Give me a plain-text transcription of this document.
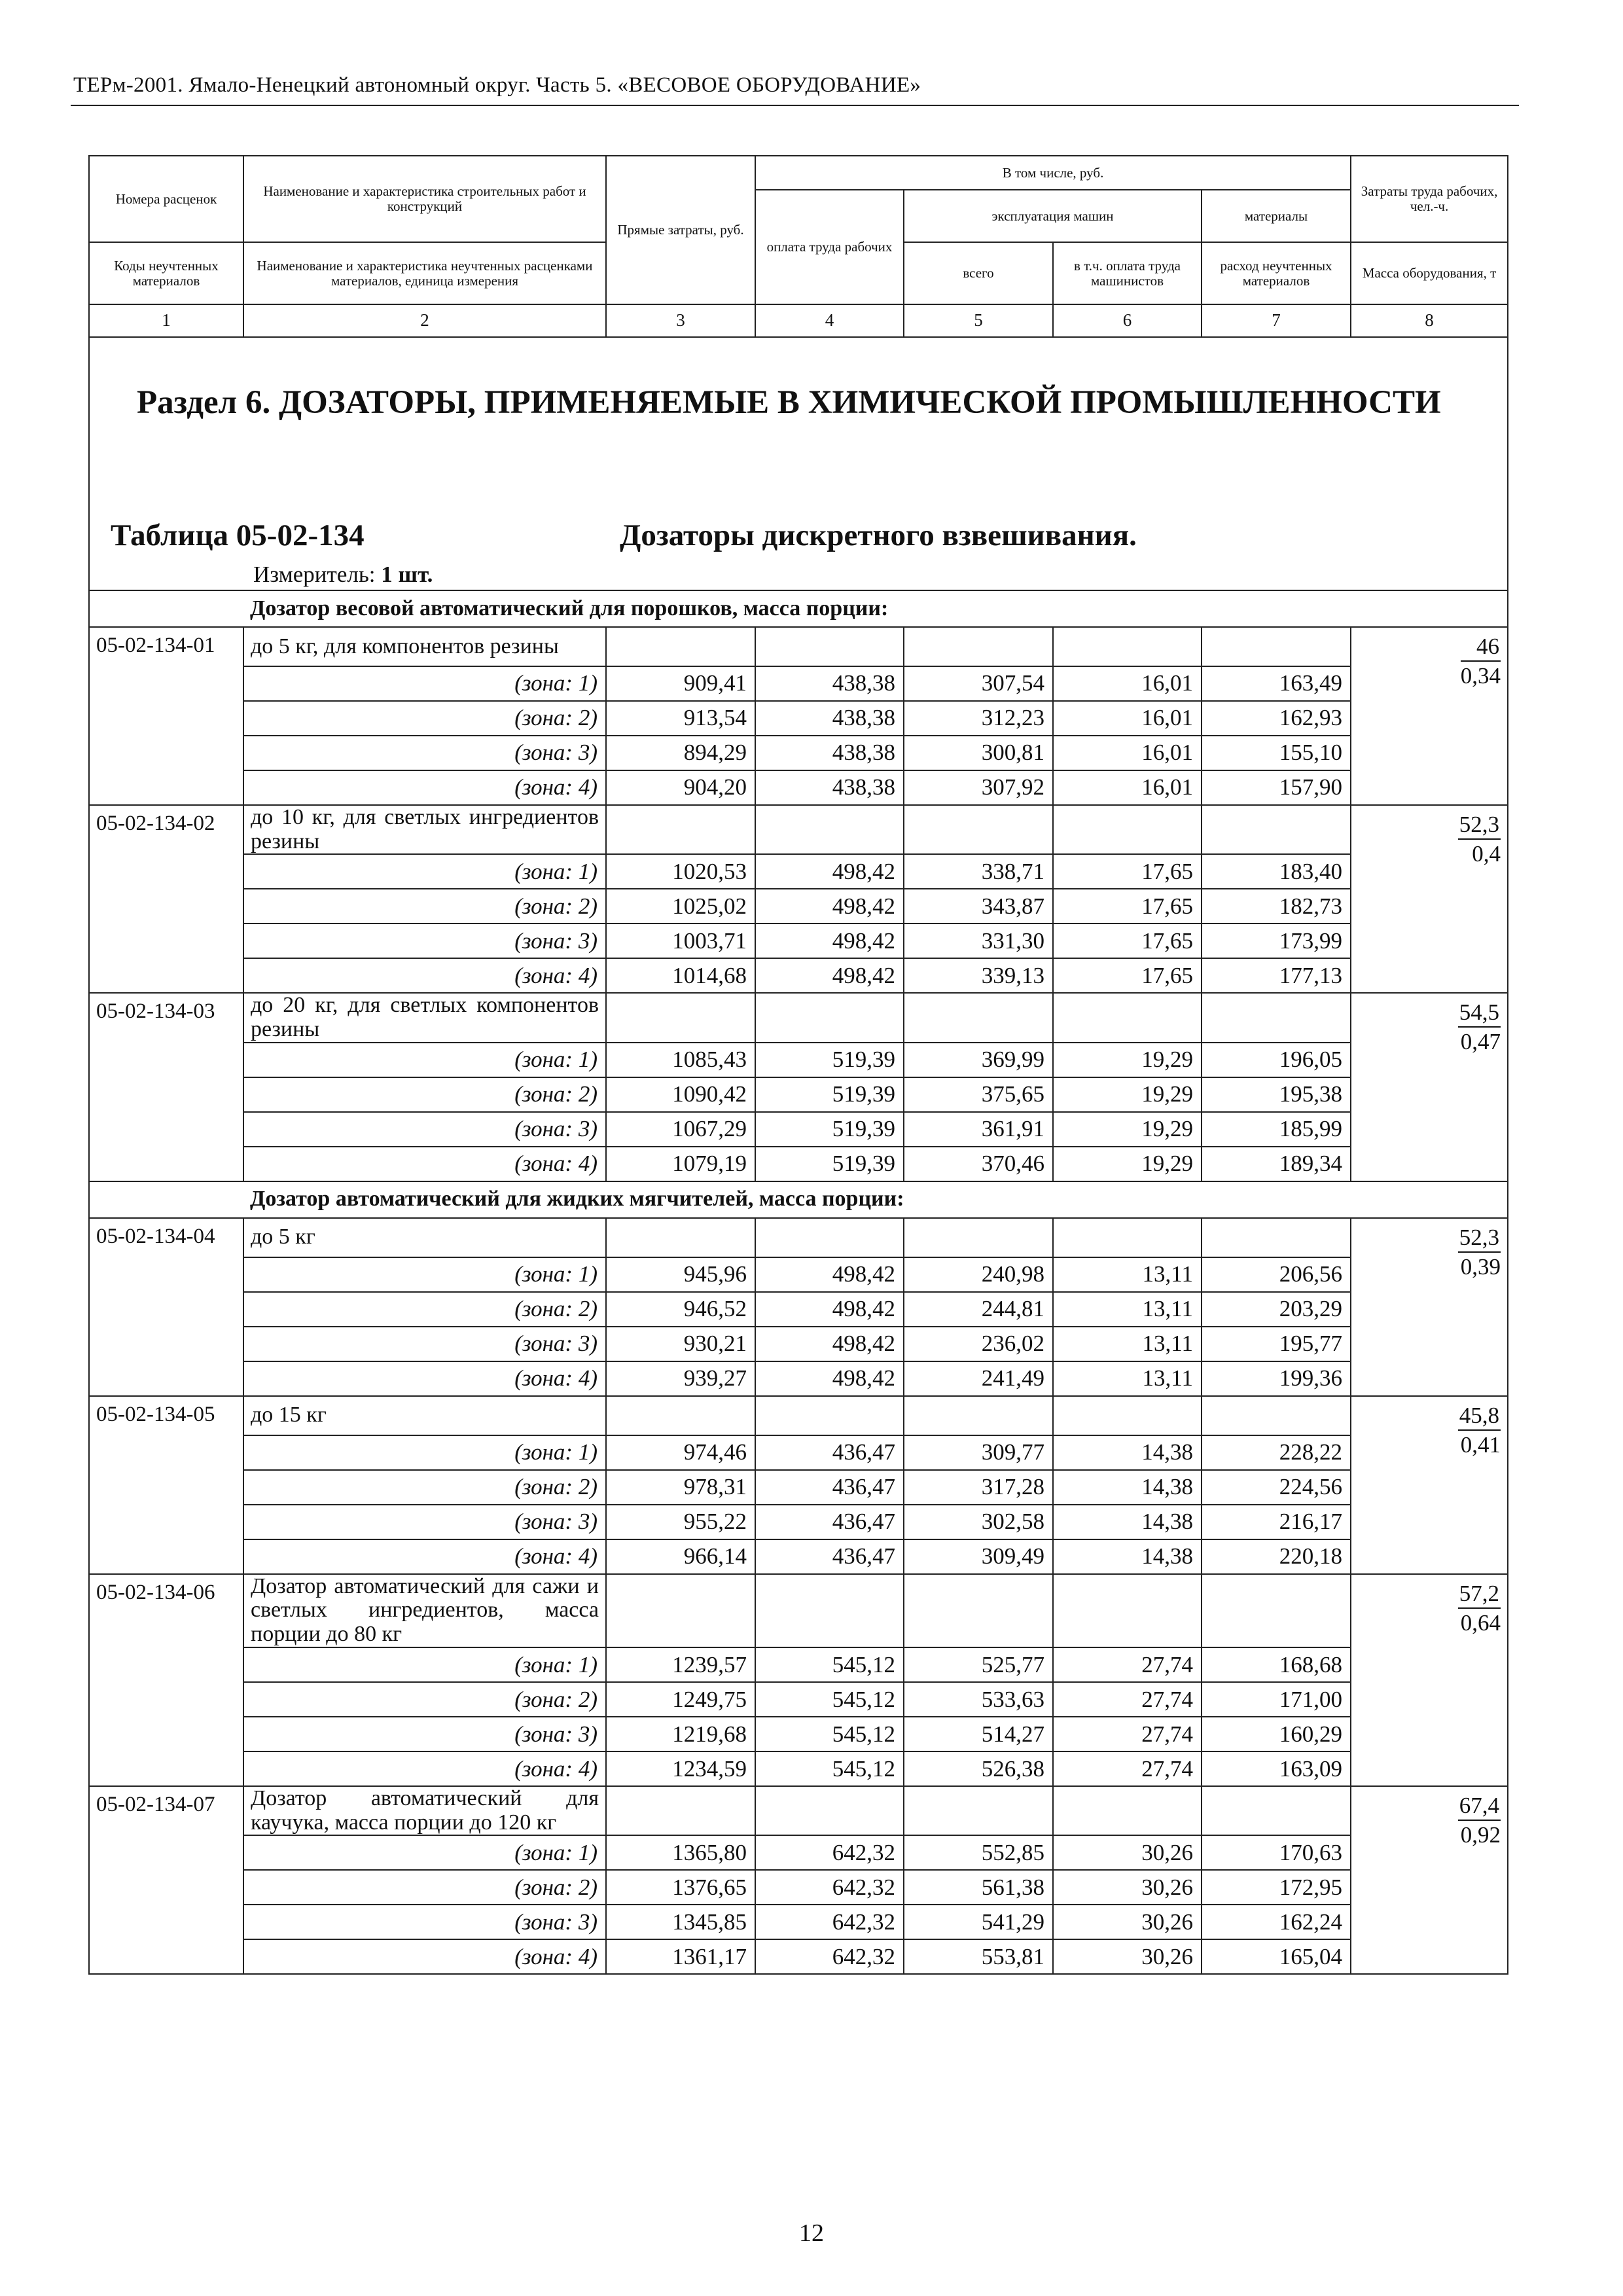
ТЕРм-2001. Ямало-Ненецкий автономный округ. Часть 5. «ВЕСОВОЕ ОБОРУДОВАНИЕ»
Номера расценок	Наименование и характеристика строительных работ и конструкций	Прямые затраты, руб.	В том числе, руб.				Затраты труда рабочих, чел.-ч.
			оплата труда рабочих	эксплуатация машин		материалы	
Коды неучтенных материалов	Наименование и характеристика неучтенных расценками материалов, единица измерения			всего	в т.ч. оплата труда машинистов	расход неучтенных материалов	Масса оборудования, т

1	2	3	4	5	6	7	8

Раздел 6. ДОЗАТОРЫ, ПРИМЕНЯЕМЫЕ В ХИМИЧЕСКОЙ ПРОМЫШЛЕННОСТИ
Таблица 05-02-134 Дозаторы дискретного взвешивания.
Измеритель: 1 шт.							

	Дозатор весовой автоматический для порошков, масса порции:						
05-02-134-01	до 5 кг, для компонентов резины						$\frac{46}{0,34}$

	(зона: 1)	909,41	438,38	307,54	16,01	163,49	
	(зона: 2)	913,54	438,38	312,23	16,01	162,93	
	(зона: 3)	894,29	438,38	300,81	16,01	155,10	
	(зона: 4)	904,20	438,38	307,92	16,01	157,90	
05-02-134-02	до 10 кг, для светлых ингредиентов резины						$\frac{52,3}{0,4}$

	(зона: 1)	1020,53	498,42	338,71	17,65	183,40	
	(зона: 2)	1025,02	498,42	343,87	17,65	182,73	
	(зона: 3)	1003,71	498,42	331,30	17,65	173,99	
	(зона: 4)	1014,68	498,42	339,13	17,65	177,13	
05-02-134-03	до 20 кг, для светлых компонентов резины						$\frac{54,5}{0,47}$

	(зона: 1)	1085,43	519,39	369,99	19,29	196,05	
	(зона: 2)	1090,42	519,39	375,65	19,29	195,38	
	(зона: 3)	1067,29	519,39	361,91	19,29	185,99	
	(зона: 4)	1079,19	519,39	370,46	19,29	189,34	
	Дозатор автоматический для жидких мягчителей, масса порции:						
05-02-134-04	до 5 кг						$\frac{52,3}{0,39}$

	(зона: 1)	945,96	498,42	240,98	13,11	206,56	
	(зона: 2)	946,52	498,42	244,81	13,11	203,29	
	(зона: 3)	930,21	498,42	236,02	13,11	195,77	
	(зона: 4)	939,27	498,42	241,49	13,11	199,36	
05-02-134-05	до 15 кг						$\frac{45,8}{0,41}$

	(зона: 1)	974,46	436,47	309,77	14,38	228,22	
	(зона: 2)	978,31	436,47	317,28	14,38	224,56	
	(зона: 3)	955,22	436,47	302,58	14,38	216,17	
	(зона: 4)	966,14	436,47	309,49	14,38	220,18	
05-02-134-06	Дозатор автоматический для сажи и светлых ингредиентов, масса порции до 80 кг						$\frac{57,2}{0,64}$

	(зона: 1)	1239,57	545,12	525,77	27,74	168,68	
	(зона: 2)	1249,75	545,12	533,63	27,74	171,00	
	(зона: 3)	1219,68	545,12	514,27	27,74	160,29	
	(зона: 4)	1234,59	545,12	526,38	27,74	163,09	
05-02-134-07	Дозатор автоматический для каучука, масса порции до 120 кг						$\frac{67,4}{0,92}$

	(зона: 1)	1365,80	642,32	552,85	30,26	170,63	
	(зона: 2)	1376,65	642,32	561,38	30,26	172,95	
	(зона: 3)	1345,85	642,32	541,29	30,26	162,24	
	(зона: 4)	1361,17	642,32	553,81	30,26	165,04	
12
